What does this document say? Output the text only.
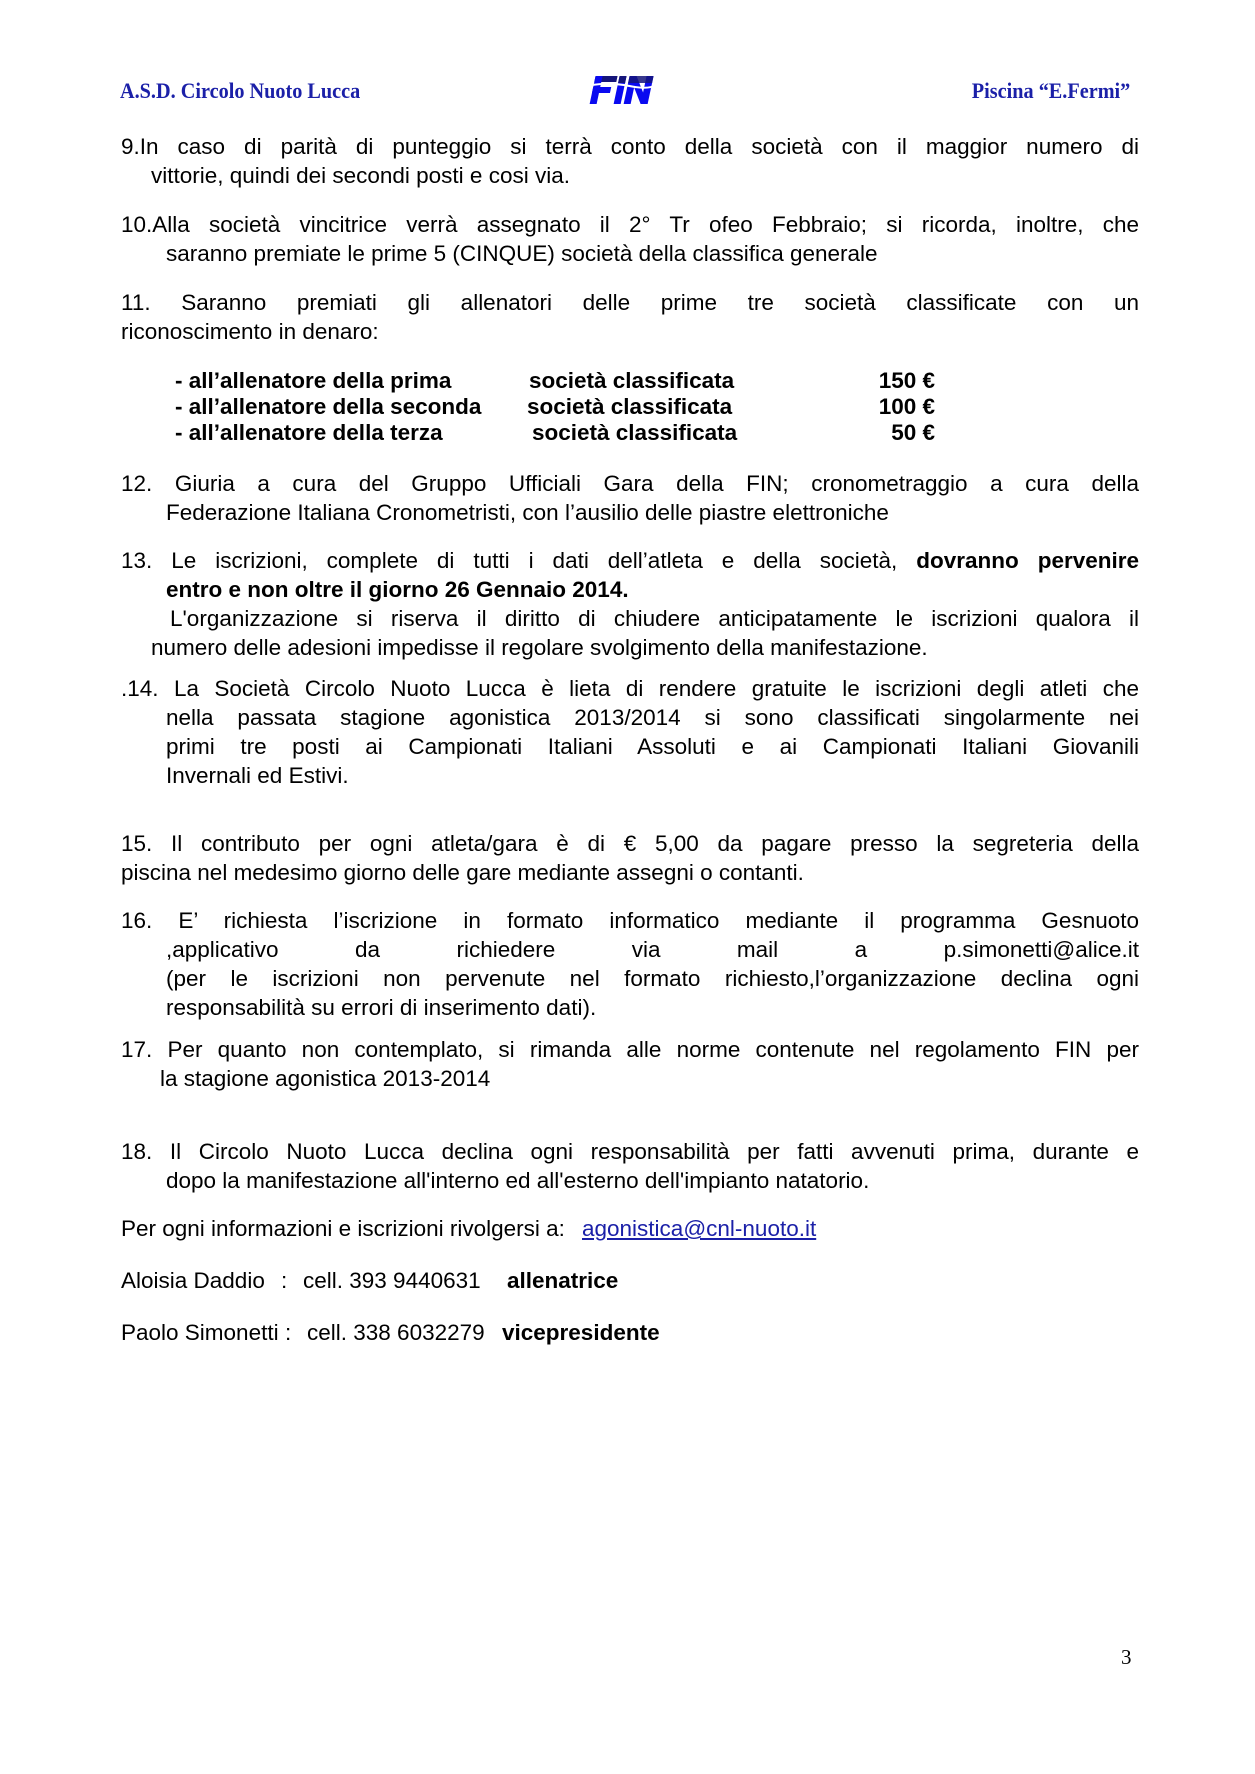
A.S.D. Circolo Nuoto Lucca	Piscina “E.Fermi”
9.In caso di parità di punteggio si terrà conto della società con il maggior numero di
vittorie, quindi dei secondi posti e cosi via.
10.Alla società vincitrice verrà assegnato il 2° Tr ofeo Febbraio; si ricorda, inoltre, che
saranno premiate le prime 5 (CINQUE) società della classifica generale
11. Saranno premiati gli allenatori delle prime tre società classificate con un
riconoscimento in denaro:
- all’allenatore della prima	società classificata	150 €
- all’allenatore della seconda società classificata	100 €
- all’allenatore della terza	società classificata	50 €
12. Giuria a cura del Gruppo Ufficiali Gara della FIN; cronometraggio a cura della
Federazione Italiana Cronometristi, con l’ausilio delle piastre elettroniche
13. Le iscrizioni, complete di tutti i dati dell’atleta e della società, dovranno pervenire
entro e non oltre il giorno 26 Gennaio 2014.
L'organizzazione si riserva il diritto di chiudere anticipatamente le iscrizioni qualora il
numero delle adesioni impedisse il regolare svolgimento della manifestazione.
.14. La Società Circolo Nuoto Lucca è lieta di rendere gratuite le iscrizioni degli atleti che
nella passata stagione agonistica 2013/2014 si sono classificati singolarmente nei
primi tre posti ai Campionati Italiani Assoluti e ai Campionati Italiani Giovanili
Invernali ed Estivi.
15. Il contributo per ogni atleta/gara è di € 5,00 da pagare presso la segreteria della
piscina nel medesimo giorno delle gare mediante assegni o contanti.
16. E’ richiesta l’iscrizione in formato informatico mediante il programma Gesnuoto
,applicativo da richiedere via mail a p.simonetti@alice.it
(per le iscrizioni non pervenute nel formato richiesto,l’organizzazione declina ogni
responsabilità su errori di inserimento dati).
17. Per quanto non contemplato, si rimanda alle norme contenute nel regolamento FIN per
la stagione agonistica 2013-2014
18. Il Circolo Nuoto Lucca declina ogni responsabilità per fatti avvenuti prima, durante e
dopo la manifestazione all'interno ed all'esterno dell'impianto natatorio.
Per ogni informazioni e iscrizioni rivolgersi a: agonistica@cnl-nuoto.it
Aloisia Daddio : cell. 393 9440631 allenatrice
Paolo Simonetti : cell. 338 6032279 vicepresidente
3
